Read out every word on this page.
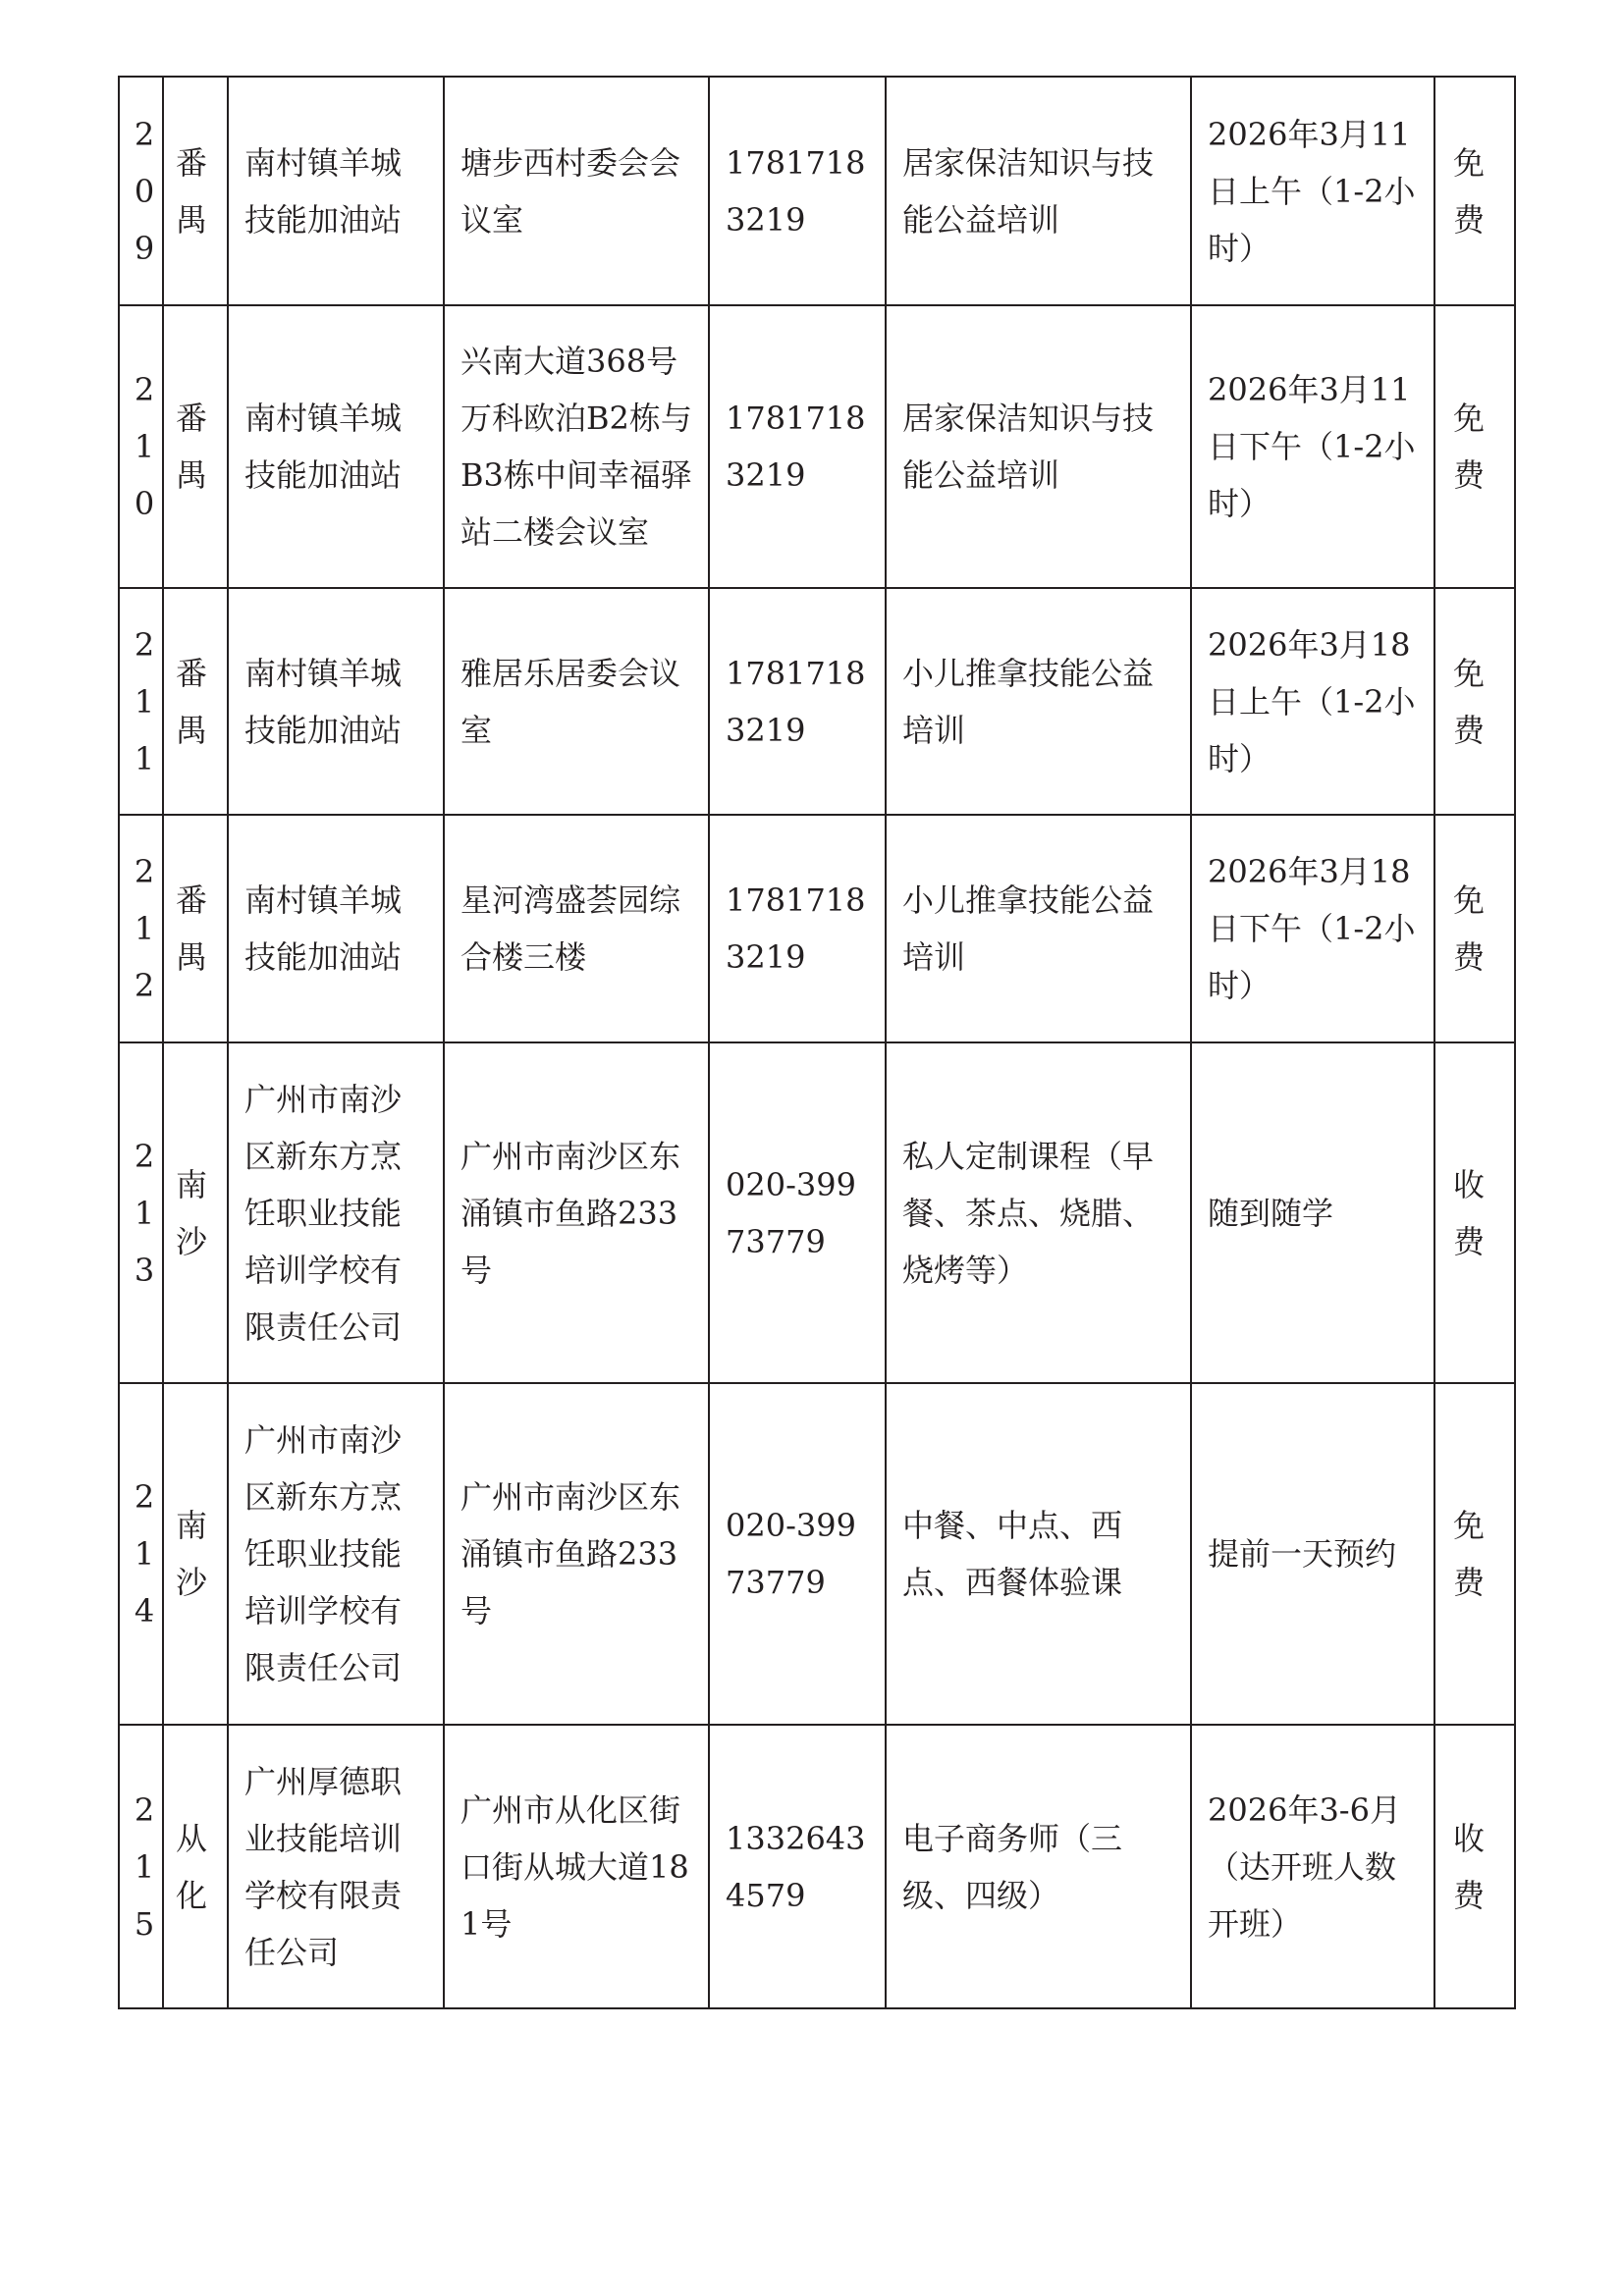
209	番禺	南村镇羊城技能加油站	塘步西村委会会议室	17817183219	居家保洁知识与技能公益培训	2026年3月11日上午（1-2小时）	免费

210	番禺	南村镇羊城技能加油站	兴南大道368号万科欧泊B2栋与B3栋中间幸福驿站二楼会议室	17817183219	居家保洁知识与技能公益培训	2026年3月11日下午（1-2小时）	免费

211	番禺	南村镇羊城技能加油站	雅居乐居委会议室	17817183219	小儿推拿技能公益培训	2026年3月18日上午（1-2小时）	免费

212	番禺	南村镇羊城技能加油站	星河湾盛荟园综合楼三楼	17817183219	小儿推拿技能公益培训	2026年3月18日下午（1-2小时）	免费

213	南沙	广州市南沙区新东方烹饪职业技能培训学校有限责任公司	广州市南沙区东涌镇市鱼路233号	020-39973779	私人定制课程（早餐、茶点、烧腊、烧烤等）	随到随学	收费

214	南沙	广州市南沙区新东方烹饪职业技能培训学校有限责任公司	广州市南沙区东涌镇市鱼路233号	020-39973779	中餐、中点、西点、西餐体验课	提前一天预约	免费

215	从化	广州厚德职业技能培训学校有限责任公司	广州市从化区街口街从城大道181号	13326434579	电子商务师（三级、四级）	2026年3-6月（达开班人数开班）	收费
